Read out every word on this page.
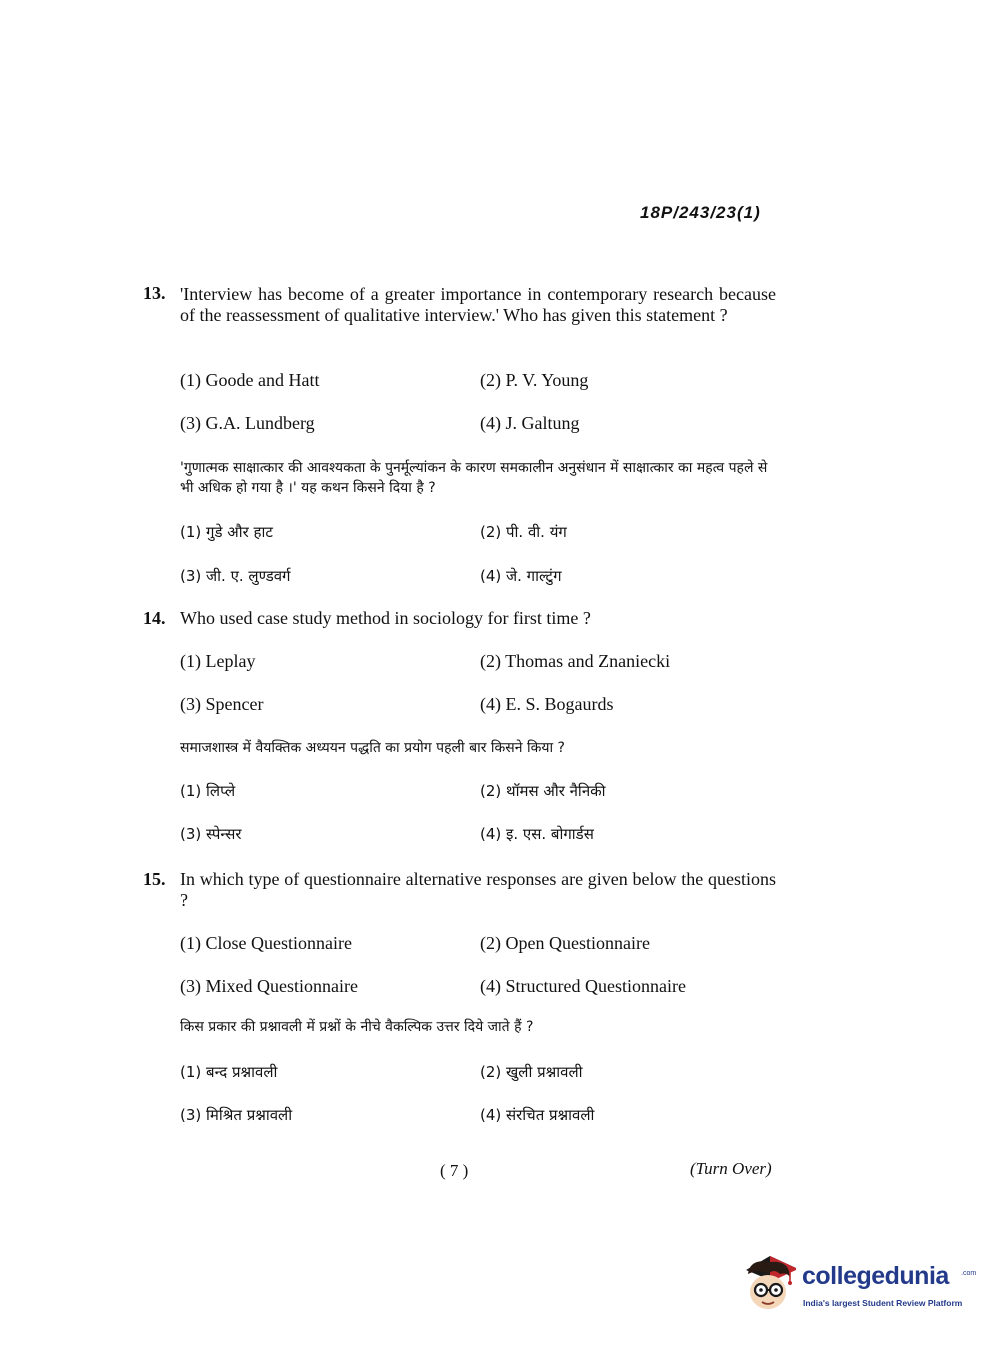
18P/243/23(1)
13. 'Interview has become of a greater importance in contemporary research because of the reassessment of qualitative interview.' Who has given this statement ?
(1) Goode and Hatt	(2) P. V. Young
(3) G.A. Lundberg	(4) J. Galtung
'गुणात्मक साक्षात्कार की आवश्यकता के पुनर्मूल्यांकन के कारण समकालीन अनुसंधान में साक्षात्कार का महत्व पहले से भी अधिक हो गया है ।' यह कथन किसने दिया है ?
(1) गुडे और हाट	(2) पी. वी. यंग
(3) जी. ए. लुण्डवर्ग	(4) जे. गाल्टुंग
14. Who used case study method in sociology for first time ?
(1) Leplay	(2) Thomas and Znaniecki
(3) Spencer	(4) E. S. Bogaurds
समाजशास्त्र में वैयक्तिक अध्ययन पद्धति का प्रयोग पहली बार किसने किया ?
(1) लिप्ले	(2) थॉमस और नैनिकी
(3) स्पेन्सर	(4) इ. एस. बोगार्डस
15. In which type of questionnaire alternative responses are given below the questions ?
(1) Close Questionnaire	(2) Open Questionnaire
(3) Mixed Questionnaire	(4) Structured Questionnaire
किस प्रकार की प्रश्नावली में प्रश्नों के नीचे वैकल्पिक उत्तर दिये जाते हैं ?
(1) बन्द प्रश्नावली	(2) खुली प्रश्नावली
(3) मिश्रित प्रश्नावली	(4) संरचित प्रश्नावली
( 7 )	(Turn Over)
collegedunia .com
India's largest Student Review Platform
